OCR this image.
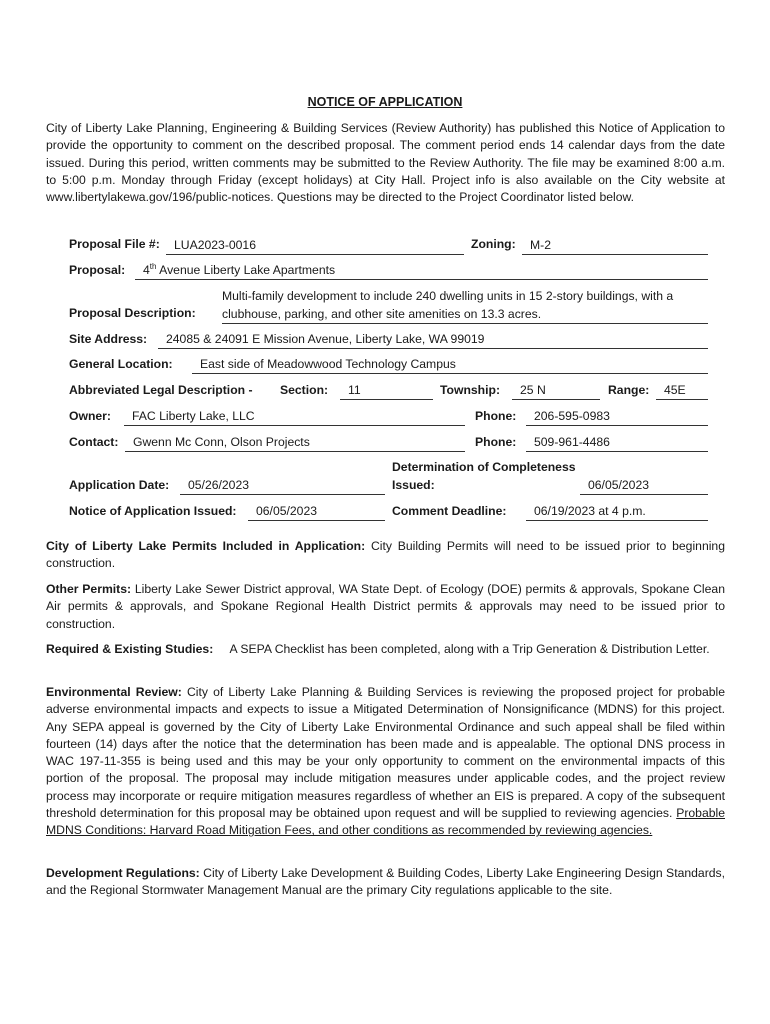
NOTICE OF APPLICATION

City of Liberty Lake Planning, Engineering & Building Services (Review Authority) has published this Notice of Application to provide the opportunity to comment on the described proposal. The comment period ends 14 calendar days from the date issued. During this period, written comments may be submitted to the Review Authority. The file may be examined 8:00 a.m. to 5:00 p.m. Monday through Friday (except holidays) at City Hall. Project info is also available on the City website at www.libertylakewa.gov/196/public-notices. Questions may be directed to the Project Coordinator listed below.

Proposal File #:	LUA2023-0016	Zoning:	M-2
Proposal:	4th Avenue Liberty Lake Apartments
Proposal Description:
Multi-family development to include 240 dwelling units in 15 2-story buildings, with a clubhouse, parking, and other site amenities on 13.3 acres.
Site Address:	24085 & 24091 E Mission Avenue, Liberty Lake, WA 99019
General Location:	East side of Meadowwood Technology Campus
Abbreviated Legal Description - Section:	11	Township:	25 N	Range:	45E
Owner:	FAC Liberty Lake, LLC	Phone:	206-595-0983
Contact:	Gwenn Mc Conn, Olson Projects	Phone:	509-961-4486
Determination of Completeness
Application Date:	05/26/2023	Issued:	06/05/2023
Notice of Application Issued:	06/05/2023	Comment Deadline:	06/19/2023 at 4 p.m.

City of Liberty Lake Permits Included in Application: City Building Permits will need to be issued prior to beginning construction.

Other Permits: Liberty Lake Sewer District approval, WA State Dept. of Ecology (DOE) permits & approvals, Spokane Clean Air permits & approvals, and Spokane Regional Health District permits & approvals may need to be issued prior to construction.

Required & Existing Studies:     A SEPA Checklist has been completed, along with a Trip Generation & Distribution Letter.

Environmental Review: City of Liberty Lake Planning & Building Services is reviewing the proposed project for probable adverse environmental impacts and expects to issue a Mitigated Determination of Nonsignificance (MDNS) for this project. Any SEPA appeal is governed by the City of Liberty Lake Environmental Ordinance and such appeal shall be filed within fourteen (14) days after the notice that the determination has been made and is appealable. The optional DNS process in WAC 197-11-355 is being used and this may be your only opportunity to comment on the environmental impacts of this portion of the proposal. The proposal may include mitigation measures under applicable codes, and the project review process may incorporate or require mitigation measures regardless of whether an EIS is prepared. A copy of the subsequent threshold determination for this proposal may be obtained upon request and will be supplied to reviewing agencies. Probable MDNS Conditions: Harvard Road Mitigation Fees, and other conditions as recommended by reviewing agencies.

Development Regulations: City of Liberty Lake Development & Building Codes, Liberty Lake Engineering Design Standards, and the Regional Stormwater Management Manual are the primary City regulations applicable to the site.
